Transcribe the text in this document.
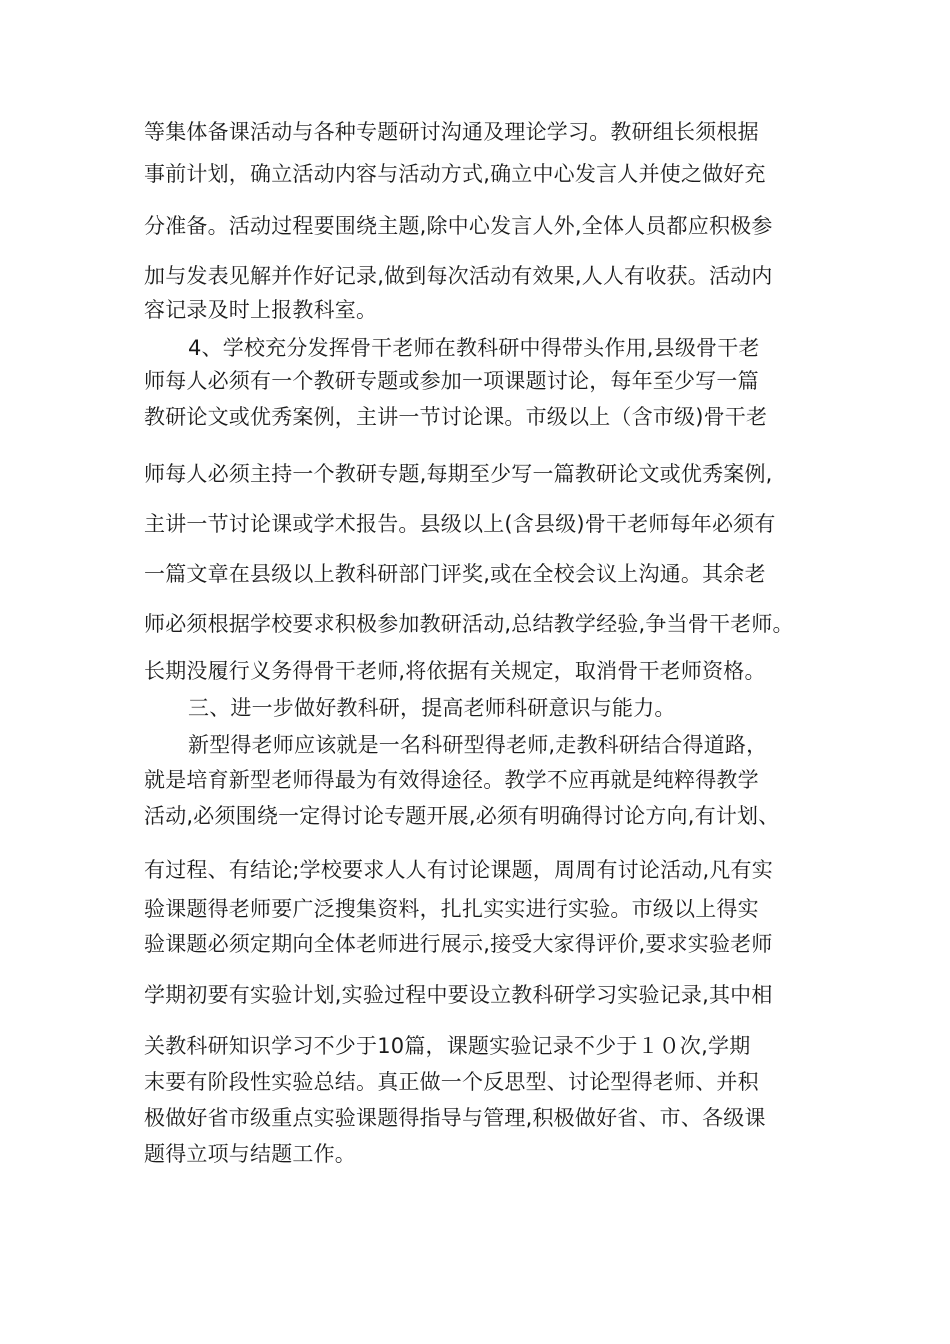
等集体备课活动与各种专题研讨沟通及理论学习。教研组长须根据
事前计划，确立活动内容与活动方式,确立中心发言人并使之做好充
分准备。活动过程要围绕主题,除中心发言人外,全体人员都应积极参
加与发表见解并作好记录,做到每次活动有效果,人人有收获。活动内
容记录及时上报教科室。
4、学校充分发挥骨干老师在教科研中得带头作用,县级骨干老
师每人必须有一个教研专题或参加一项课题讨论，每年至少写一篇
教研论文或优秀案例，主讲一节讨论课。市级以上（含市级)骨干老
师每人必须主持一个教研专题,每期至少写一篇教研论文或优秀案例,
主讲一节讨论课或学术报告。县级以上(含县级)骨干老师每年必须有
一篇文章在县级以上教科研部门评奖,或在全校会议上沟通。其余老
师必须根据学校要求积极参加教研活动,总结教学经验,争当骨干老师。
长期没履行义务得骨干老师,将依据有关规定，取消骨干老师资格。
三、进一步做好教科研，提高老师科研意识与能力。
新型得老师应该就是一名科研型得老师,走教科研结合得道路，
就是培育新型老师得最为有效得途径。教学不应再就是纯粹得教学
活动,必须围绕一定得讨论专题开展,必须有明确得讨论方向,有计划、
有过程、有结论;学校要求人人有讨论课题，周周有讨论活动,凡有实
验课题得老师要广泛搜集资料，扎扎实实进行实验。市级以上得实
验课题必须定期向全体老师进行展示,接受大家得评价,要求实验老师
学期初要有实验计划,实验过程中要设立教科研学习实验记录,其中相
关教科研知识学习不少于10篇，课题实验记录不少于１０次,学期
末要有阶段性实验总结。真正做一个反思型、讨论型得老师、并积
极做好省市级重点实验课题得指导与管理,积极做好省、市、各级课
题得立项与结题工作。
